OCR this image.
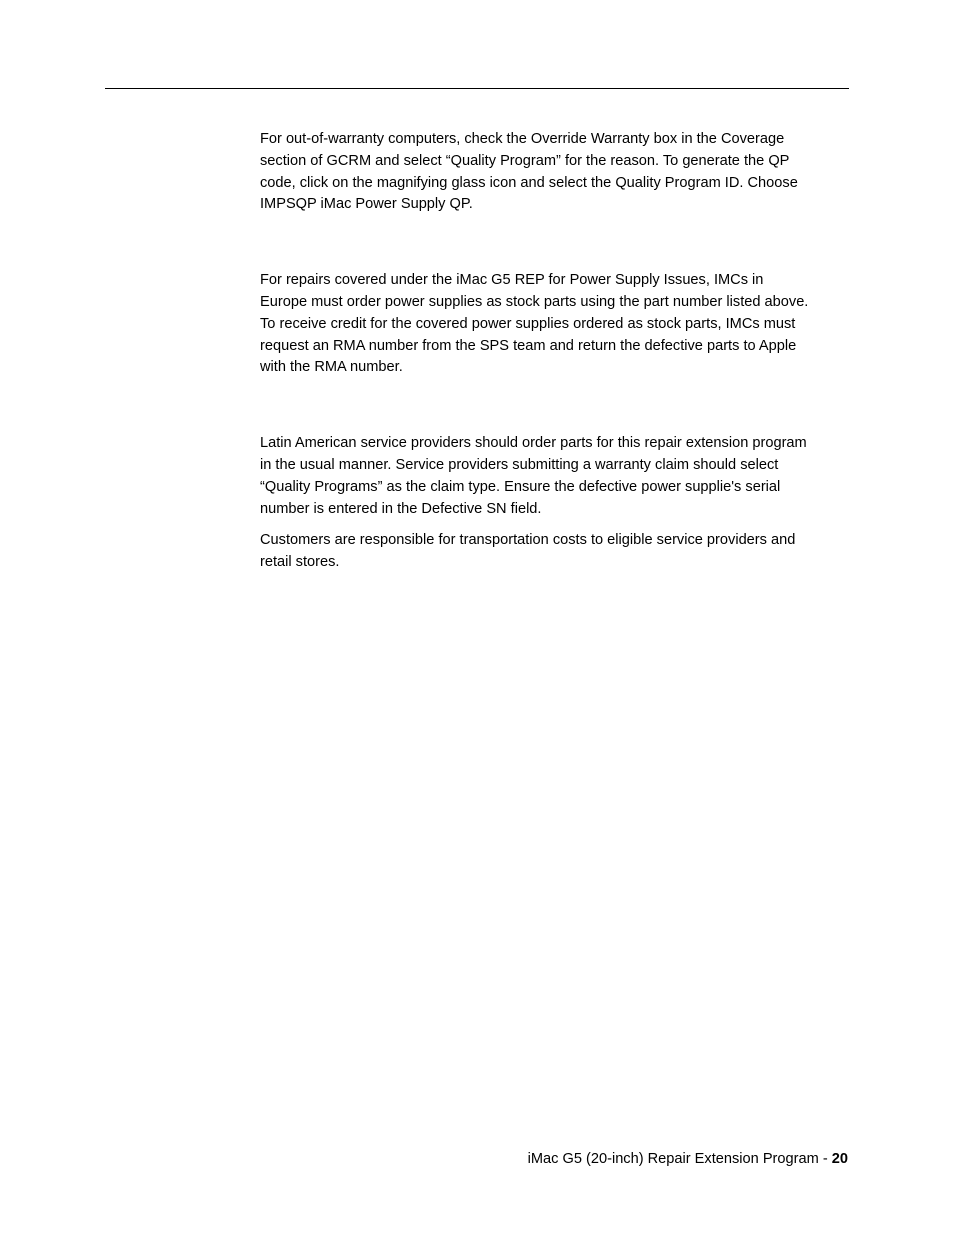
For out-of-warranty computers, check the Override Warranty box in the Coverage
section of GCRM and select “Quality Program” for the reason. To generate the QP
code, click on the magnifying glass icon and select the Quality Program ID. Choose
IMPSQP iMac Power Supply QP.

For repairs covered under the iMac G5 REP for Power Supply Issues, IMCs in
Europe must order power supplies as stock parts using the part number listed above.
To receive credit for the covered power supplies ordered as stock parts, IMCs must
request an RMA number from the SPS team and return the defective parts to Apple
with the RMA number.

Latin American service providers should order parts for this repair extension program
in the usual manner. Service providers submitting a warranty claim should select
“Quality Programs” as the claim type. Ensure the defective power supplie's serial
number is entered in the Defective SN field.

Customers are responsible for transportation costs to eligible service providers and
retail stores.

iMac G5 (20-inch) Repair Extension Program - 20
